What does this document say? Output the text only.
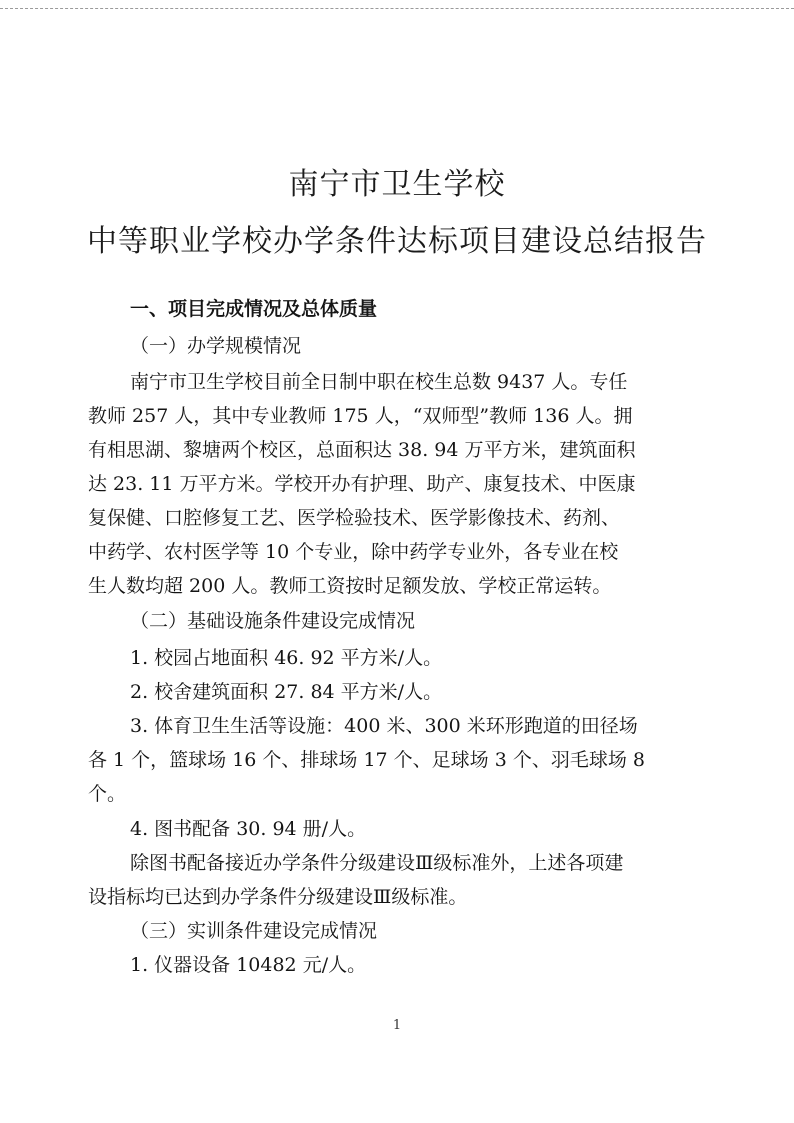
南宁市卫生学校
中等职业学校办学条件达标项目建设总结报告
一、项目完成情况及总体质量
（一）办学规模情况
南宁市卫生学校目前全日制中职在校生总数 9437 人。专任
教师 257 人，其中专业教师 175 人，“双师型”教师 136 人。拥
有相思湖、黎塘两个校区，总面积达 38. 94 万平方米，建筑面积
达 23. 11 万平方米。学校开办有护理、助产、康复技术、中医康
复保健、口腔修复工艺、医学检验技术、医学影像技术、药剂、
中药学、农村医学等 10 个专业，除中药学专业外，各专业在校
生人数均超 200 人。教师工资按时足额发放、学校正常运转。
（二）基础设施条件建设完成情况
1. 校园占地面积 46. 92 平方米/人。
2. 校舍建筑面积 27. 84 平方米/人。
3. 体育卫生生活等设施：400 米、300 米环形跑道的田径场
各 1 个，篮球场 16 个、排球场 17 个、足球场 3 个、羽毛球场 8
个。
4. 图书配备 30. 94 册/人。
除图书配备接近办学条件分级建设Ⅲ级标准外，上述各项建
设指标均已达到办学条件分级建设Ⅲ级标准。
（三）实训条件建设完成情况
1. 仪器设备 10482 元/人。
1
